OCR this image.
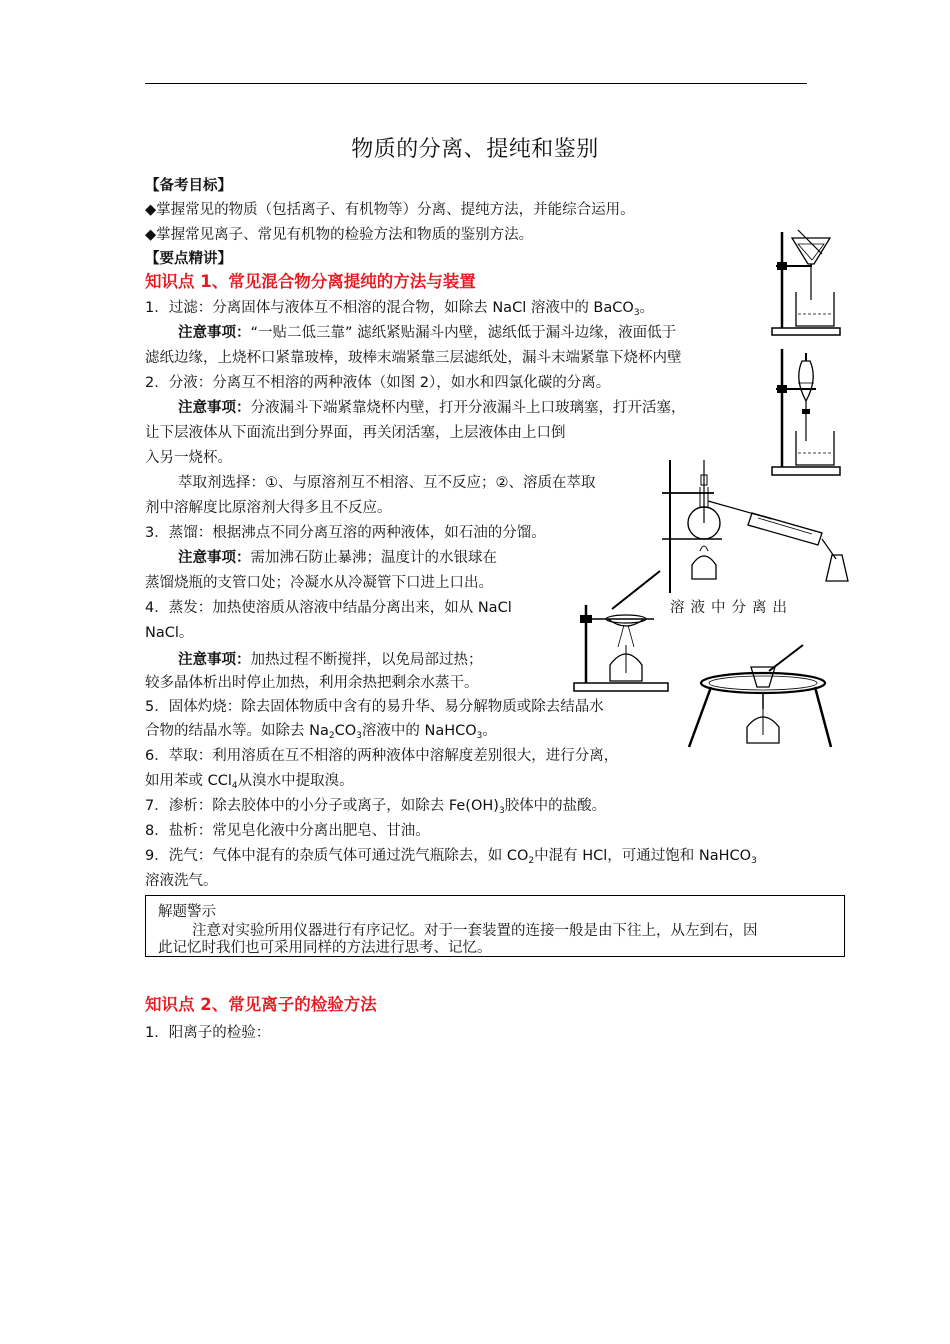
物质的分离、提纯和鉴别
【备考目标】
◆掌握常见的物质（包括离子、有机物等）分离、提纯方法，并能综合运用。
◆掌握常见离子、常见有机物的检验方法和物质的鉴别方法。
【要点精讲】
知识点 1、常见混合物分离提纯的方法与装置
1．过滤：分离固体与液体互不相溶的混合物，如除去 NaCl 溶液中的 BaCO$_3$。
注意事项：“一贴二低三靠” 滤纸紧贴漏斗内壁，滤纸低于漏斗边缘，液面低于
滤纸边缘，上烧杯口紧靠玻棒，玻棒末端紧靠三层滤纸处，漏斗末端紧靠下烧杯内壁
2．分液：分离互不相溶的两种液体（如图 2），如水和四氯化碳的分离。
注意事项：分液漏斗下端紧靠烧杯内壁，打开分液漏斗上口玻璃塞，打开活塞，
让下层液体从下面流出到分界面，再关闭活塞，上层液体由上口倒
入另一烧杯。
萃取剂选择：①、与原溶剂互不相溶、互不反应；②、溶质在萃取
剂中溶解度比原溶剂大得多且不反应。
3．蒸馏：根据沸点不同分离互溶的两种液体，如石油的分馏。
注意事项：需加沸石防止暴沸；温度计的水银球在
蒸馏烧瓶的支管口处；冷凝水从冷凝管下口进上口出。
4．蒸发：加热使溶质从溶液中结晶分离出来，如从 NaCl	溶液中分离出
NaCl。
注意事项：加热过程不断搅拌，以免局部过热；
较多晶体析出时停止加热，利用余热把剩余水蒸干。
5．固体灼烧：除去固体物质中含有的易升华、易分解物质或除去结晶水
合物的结晶水等。如除去 $Na_2CO_3$溶液中的 NaHCO$_3$。
6．萃取：利用溶质在互不相溶的两种液体中溶解度差别很大，进行分离，
如用苯或 CCl$_4$从溴水中提取溴。
7．渗析：除去胶体中的小分子或离子，如除去 $Fe(OH)_3$胶体中的盐酸。
8．盐析：常见皂化液中分离出肥皂、甘油。
9．洗气：气体中混有的杂质气体可通过洗气瓶除去，如 $CO_2$中混有 HCl，可通过饱和 NaHCO$_3$
溶液洗气。
解题警示
注意对实验所用仪器进行有序记忆。对于一套装置的连接一般是由下往上，从左到右，因
此记忆时我们也可采用同样的方法进行思考、记忆。
知识点 2、常见离子的检验方法
1．阳离子的检验：
